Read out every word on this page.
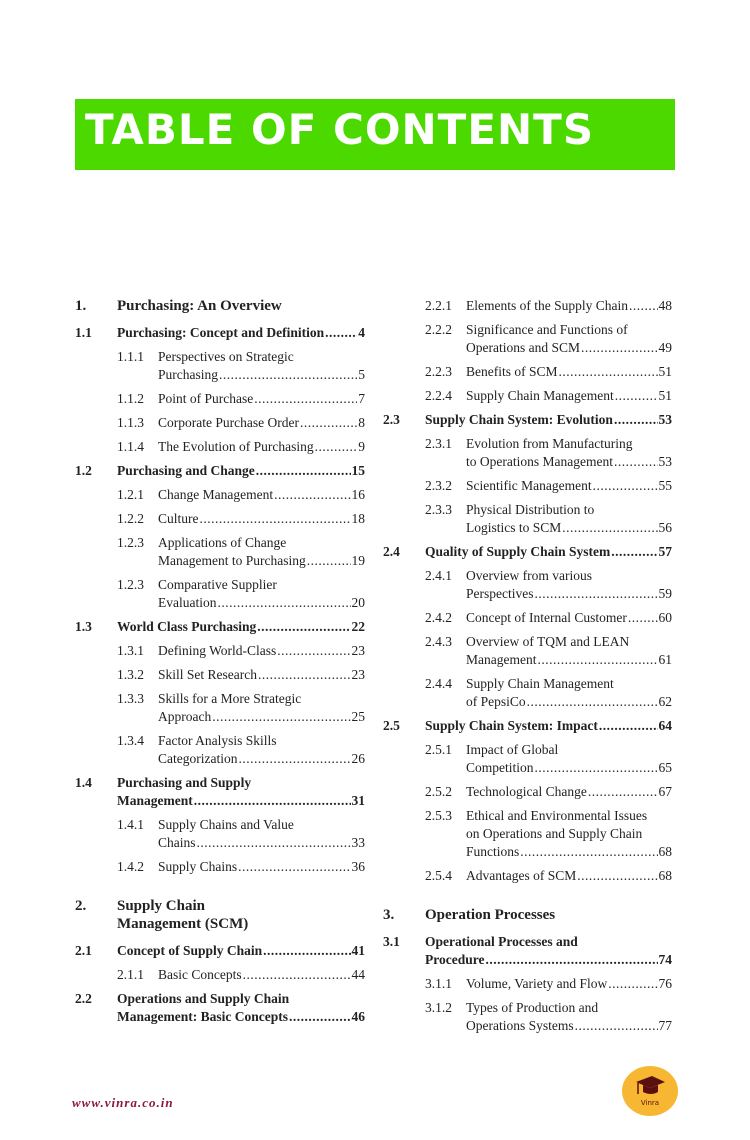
TABLE OF CONTENTS
1. Purchasing: An Overview
1.1 Purchasing: Concept and Definition .....	4
1.1.1 Perspectives on Strategic
Purchasing .....	5
1.1.2 Point of Purchase .....	7
1.1.3 Corporate Purchase Order .....	8
1.1.4 The Evolution of Purchasing .....	9
1.2 Purchasing and Change .....	15
1.2.1 Change Management .....	16
1.2.2 Culture .....	18
1.2.3 Applications of Change
Management to Purchasing .....	19
1.2.3 Comparative Supplier
Evaluation .....	20
1.3 World Class Purchasing .....	22
1.3.1 Defining World-Class .....	23
1.3.2 Skill Set Research .....	23
1.3.3 Skills for a More Strategic
Approach .....	25
1.3.4 Factor Analysis Skills
Categorization .....	26
1.4 Purchasing and Supply
Management .....	31
1.4.1 Supply Chains and Value
Chains .....	33
1.4.2 Supply Chains .....	36
2. Supply Chain
Management (SCM)
2.1 Concept of Supply Chain .....	41
2.1.1 Basic Concepts .....	44
2.2 Operations and Supply Chain
Management: Basic Concepts .....	46
2.2.1 Elements of the Supply Chain ..... 48
2.2.2 Significance and Functions of
Operations and SCM .....	49
2.2.3 Benefits of SCM .....	51
2.2.4 Supply Chain Management .....	51
2.3 Supply Chain System: Evolution .....	53
2.3.1 Evolution from Manufacturing
to Operations Management .....	53
2.3.2 Scientific Management .....	55
2.3.3 Physical Distribution to
Logistics to SCM .....	56
2.4 Quality of Supply Chain System .....	57
2.4.1 Overview from various
Perspectives .....	59
2.4.2 Concept of Internal Customer ..... 60
2.4.3 Overview of TQM and LEAN
Management .....	61
2.4.4 Supply Chain Management
of PepsiCo .....	62
2.5 Supply Chain System: Impact .....	64
2.5.1 Impact of Global
Competition .....	65
2.5.2 Technological Change .....	67
2.5.3 Ethical and Environmental Issues
on Operations and Supply Chain
Functions .....	68
2.5.4 Advantages of SCM .....	68
3. Operation Processes
3.1 Operational Processes and
Procedure .....	74
3.1.1 Volume, Variety and Flow .....	76
3.1.2 Types of Production and
Operations Systems .....	77
www.vinra.co.in	Vinra
